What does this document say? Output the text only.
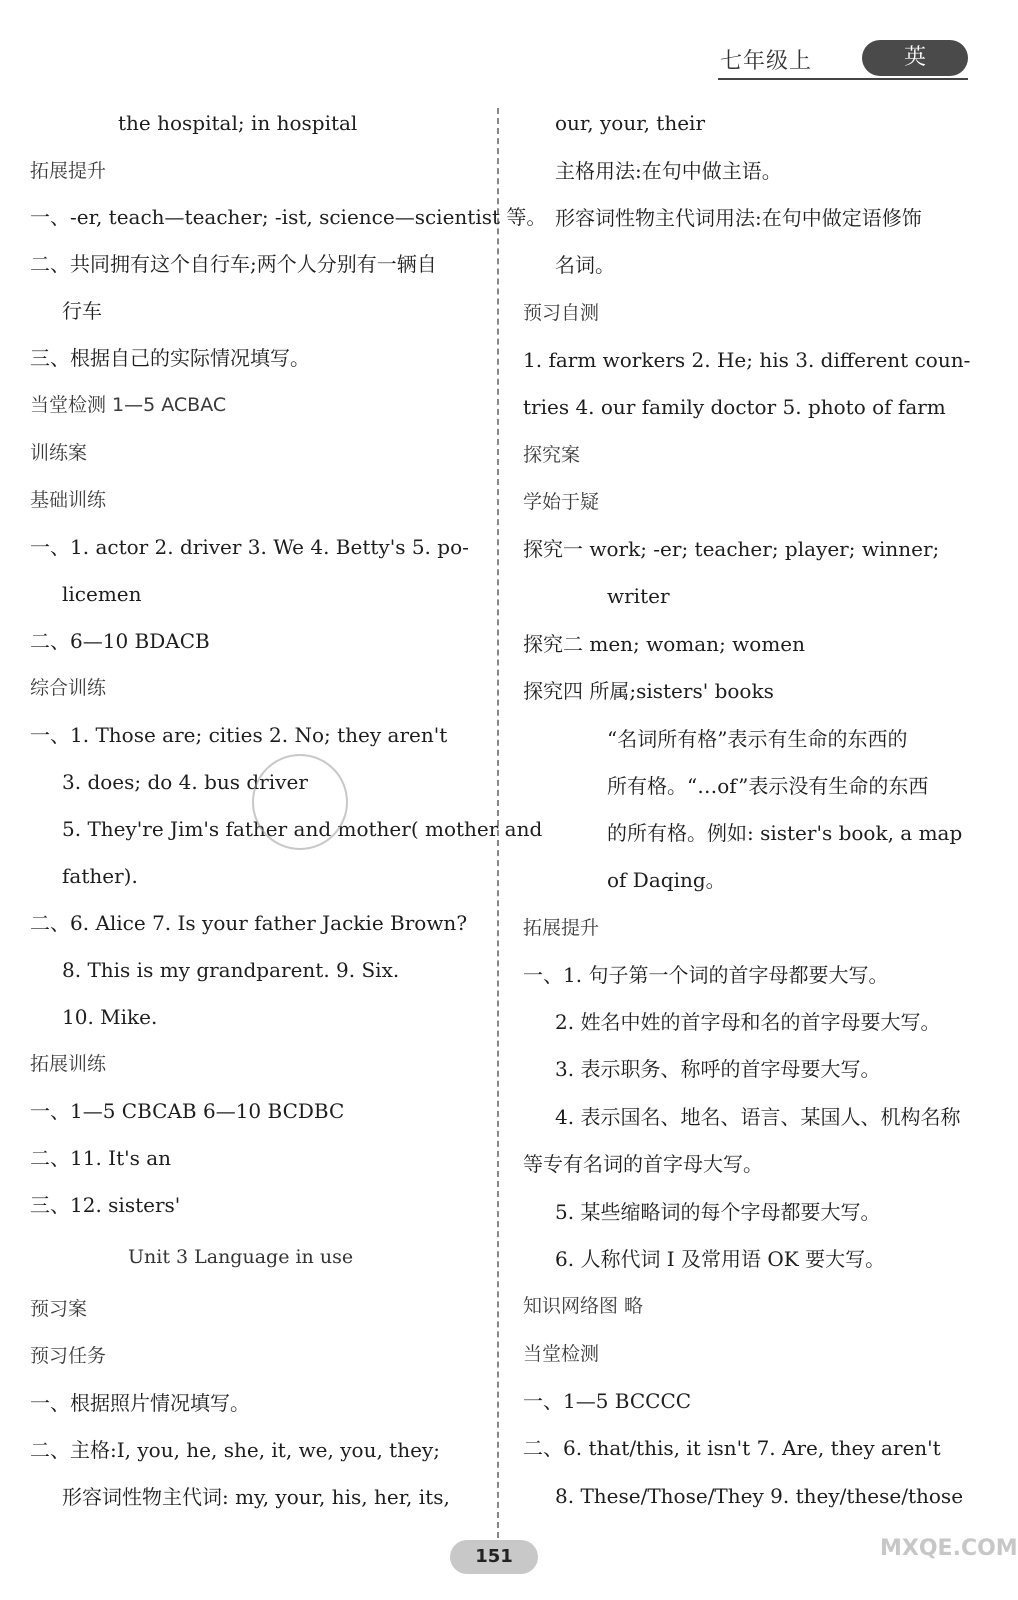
七年级上	英 语
the hospital; in hospital
拓展提升
一、-er, teach—teacher; -ist, science—scientist 等。
二、共同拥有这个自行车;两个人分别有一辆自
行车
三、根据自己的实际情况填写。
当堂检测 1—5 ACBAC
训练案
基础训练
一、1. actor 2. driver 3. We 4. Betty's 5. po-
licemen
二、6—10 BDACB
综合训练
一、1. Those are; cities 2. No; they aren't
3. does; do 4. bus driver
5. They're Jim's father and mother( mother and
father).
二、6. Alice 7. Is your father Jackie Brown?
8. This is my grandparent. 9. Six.
10. Mike.
拓展训练
一、1—5 CBCAB 6—10 BCDBC
二、11. It's an
三、12. sisters'
Unit 3 Language in use
预习案
预习任务
一、根据照片情况填写。
二、主格:I, you, he, she, it, we, you, they;
形容词性物主代词: my, your, his, her, its,
our, your, their
主格用法:在句中做主语。
形容词性物主代词用法:在句中做定语修饰
名词。
预习自测
1. farm workers 2. He; his 3. different coun-
tries 4. our family doctor 5. photo of farm
探究案
学始于疑
探究一 work; -er; teacher; player; winner;
writer
探究二 men; woman; women
探究四 所属;sisters' books
“名词所有格”表示有生命的东西的
所有格。“…of”表示没有生命的东西
的所有格。例如: sister's book, a map
of Daqing。
拓展提升
一、1. 句子第一个词的首字母都要大写。
2. 姓名中姓的首字母和名的首字母要大写。
3. 表示职务、称呼的首字母要大写。
4. 表示国名、地名、语言、某国人、机构名称
等专有名词的首字母大写。
5. 某些缩略词的每个字母都要大写。
6. 人称代词 I 及常用语 OK 要大写。
知识网络图 略
当堂检测
一、1—5 BCCCC
二、6. that/this, it isn't 7. Are, they aren't
8. These/Those/They 9. they/these/those
151	MXQE.COM
